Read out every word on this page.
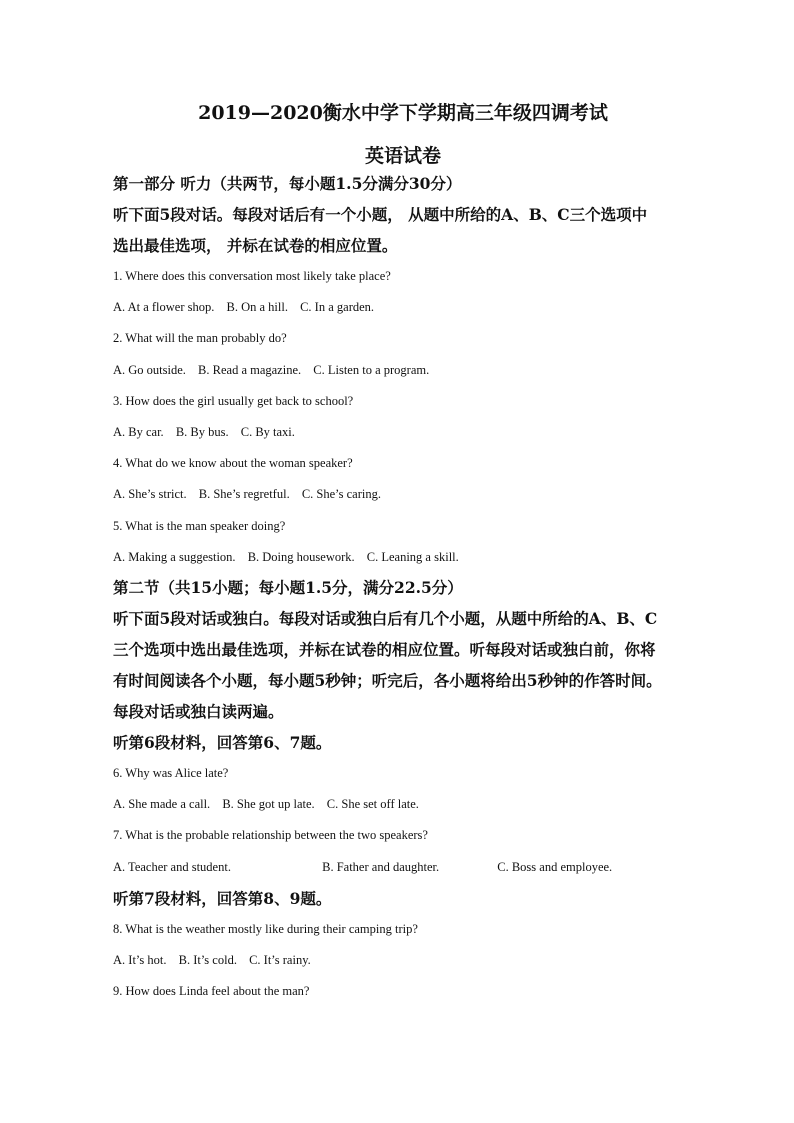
2019—2020衡水中学下学期高三年级四调考试
英语试卷

第一部分 听力（共两节，每小题1.5分满分30分）

听下面5段对话。每段对话后有一个小题， 从题中所给的A、B、C三个选项中

选出最佳选项， 并标在试卷的相应位置。

1. Where does this conversation most likely take place?

A. At a flower shop. B. On a hill. C. In a garden.

2. What will the man probably do?

A. Go outside. B. Read a magazine. C. Listen to a program.

3. How does the girl usually get back to school?

A. By car. B. By bus. C. By taxi.

4. What do we know about the woman speaker?

A. She’s strict. B. She’s regretful. C. She’s caring.

5. What is the man speaker doing?

A. Making a suggestion. B. Doing housework. C. Leaning a skill.

第二节（共15小题；每小题1.5分，满分22.5分）

听下面5段对话或独白。每段对话或独白后有几个小题，从题中所给的A、B、C

三个选项中选出最佳选项，并标在试卷的相应位置。听每段对话或独白前，你将

有时间阅读各个小题，每小题5秒钟；听完后，各小题将给出5秒钟的作答时间。

每段对话或独白读两遍。

听第6段材料，回答第6、7题。

6. Why was Alice late?

A. She made a call. B. She got up late. C. She set off late.

7. What is the probable relationship between the two speakers?

A. Teacher and student.	B. Father and daughter.	C. Boss and employee.

听第7段材料，回答第8、9题。

8. What is the weather mostly like during their camping trip?

A. It’s hot. B. It’s cold. C. It’s rainy.

9. How does Linda feel about the man?
